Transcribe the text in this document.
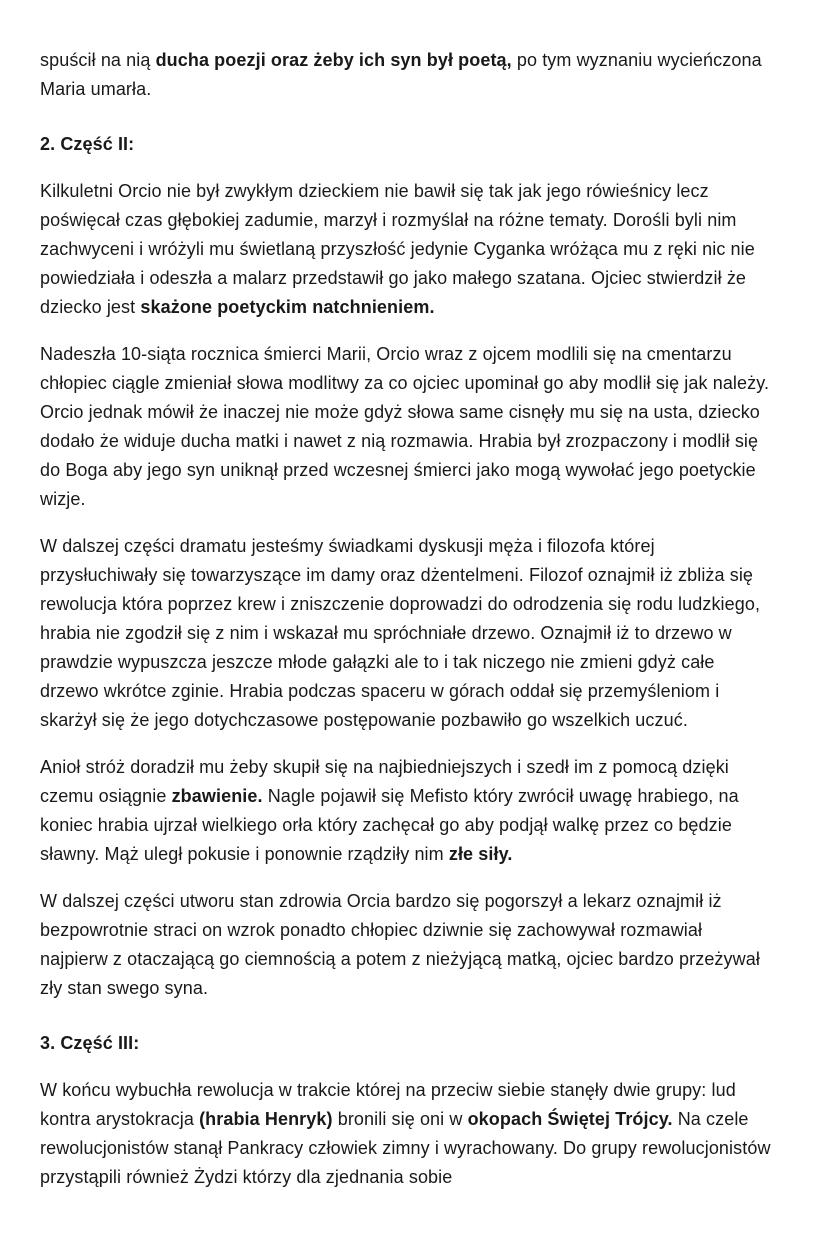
spuścił na nią ducha poezji oraz żeby ich syn był poetą, po tym wyznaniu wycieńczona Maria umarła.

2. Część II:

Kilkuletni Orcio nie był zwykłym dzieckiem nie bawił się tak jak jego rówieśnicy lecz poświęcał czas głębokiej zadumie, marzył i rozmyślał na różne tematy. Dorośli byli nim zachwyceni i wróżyli mu świetlaną przyszłość jedynie Cyganka wróżąca mu z ręki nic nie powiedziała i odeszła a malarz przedstawił go jako małego szatana. Ojciec stwierdził że dziecko jest skażone poetyckim natchnieniem.

Nadeszła 10-siąta rocznica śmierci Marii, Orcio wraz z ojcem modlili się na cmentarzu chłopiec ciągle zmieniał słowa modlitwy za co ojciec upominał go aby modlił się jak należy. Orcio jednak mówił że inaczej nie może gdyż słowa same cisnęły mu się na usta, dziecko dodało że widuje ducha matki i nawet z nią rozmawia. Hrabia był zrozpaczony i modlił się do Boga aby jego syn uniknął przed wczesnej śmierci jako mogą wywołać jego poetyckie wizje.

W dalszej części dramatu jesteśmy świadkami dyskusji męża i filozofa której przysłuchiwały się towarzyszące im damy oraz dżentelmeni. Filozof oznajmił iż zbliża się rewolucja która poprzez krew i zniszczenie doprowadzi do odrodzenia się rodu ludzkiego, hrabia nie zgodził się z nim i wskazał mu spróchniałe drzewo. Oznajmił iż to drzewo w prawdzie wypuszcza jeszcze młode gałązki ale to i tak niczego nie zmieni gdyż całe drzewo wkrótce zginie. Hrabia podczas spaceru w górach oddał się przemyśleniom i skarżył się że jego dotychczasowe postępowanie pozbawiło go wszelkich uczuć.

Anioł stróż doradził mu żeby skupił się na najbiedniejszych i szedł im z pomocą dzięki czemu osiągnie zbawienie. Nagle pojawił się Mefisto który zwrócił uwagę hrabiego, na koniec hrabia ujrzał wielkiego orła który zachęcał go aby podjął walkę przez co będzie sławny. Mąż uległ pokusie i ponownie rządziły nim złe siły.

W dalszej części utworu stan zdrowia Orcia bardzo się pogorszył a lekarz oznajmił iż bezpowrotnie straci on wzrok ponadto chłopiec dziwnie się zachowywał rozmawiał najpierw z otaczającą go ciemnością a potem z nieżyjącą matką, ojciec bardzo przeżywał zły stan swego syna.

3. Część III:

W końcu wybuchła rewolucja w trakcie której na przeciw siebie stanęły dwie grupy: lud kontra arystokracja (hrabia Henryk) bronili się oni w okopach Świętej Trójcy. Na czele rewolucjonistów stanął Pankracy człowiek zimny i wyrachowany. Do grupy rewolucjonistów przystąpili również Żydzi którzy dla zjednania sobie
